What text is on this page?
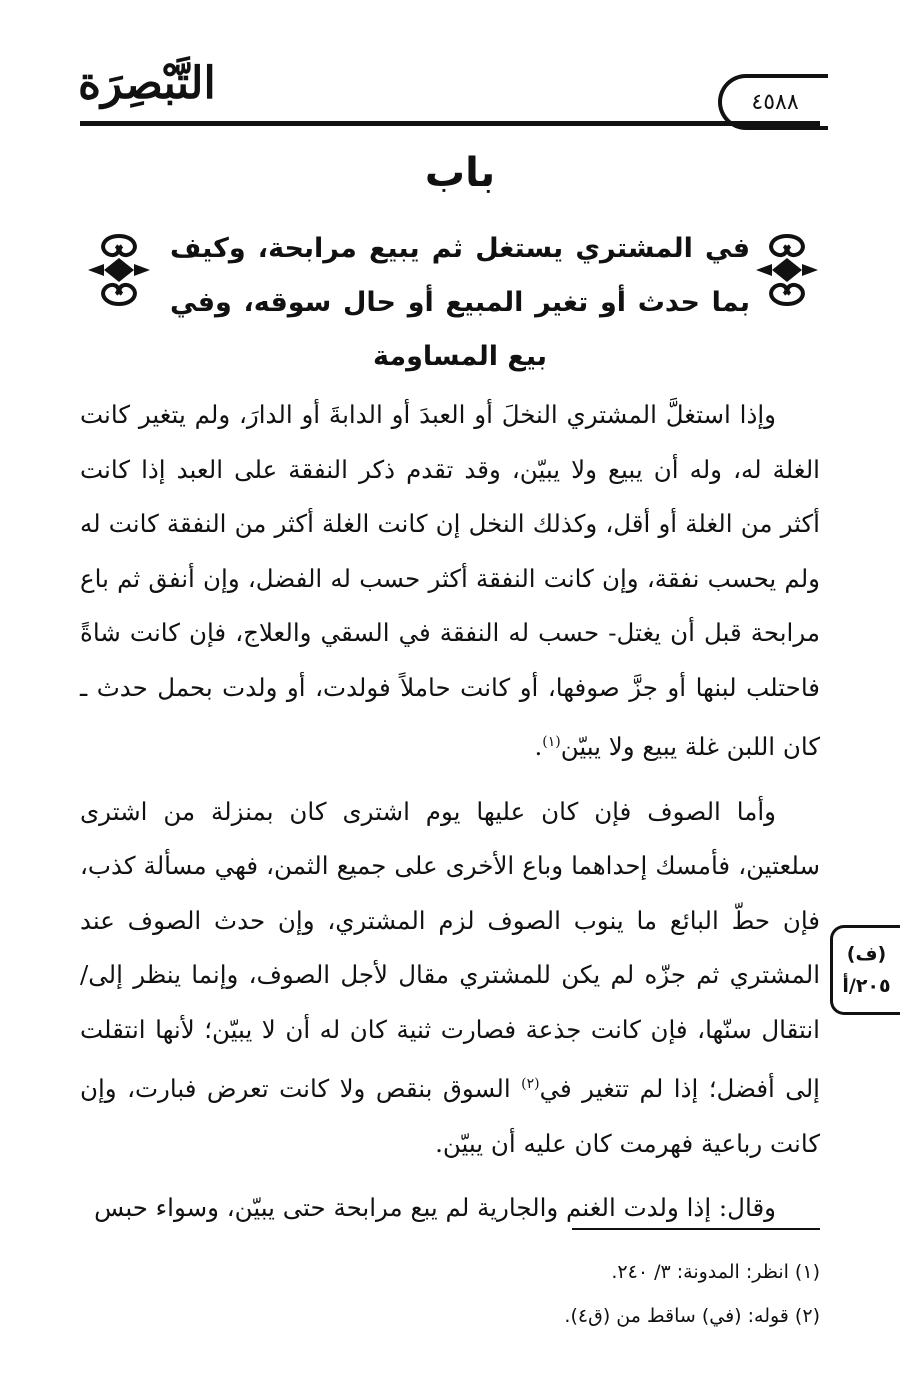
التَّبْصِرَة	٤٥٨٨
باب
في المشتري يستغل ثم يبيع مرابحة، وكيف بما حدث أو تغير المبيع أو حال سوقه، وفي بيع المساومة

وإذا استغلَّ المشتري النخلَ أو العبدَ أو الدابةَ أو الدارَ، ولم يتغير كانت الغلة له، وله أن يبيع ولا يبيّن، وقد تقدم ذكر النفقة على العبد إذا كانت أكثر من الغلة أو أقل، وكذلك النخل إن كانت الغلة أكثر من النفقة كانت له ولم يحسب نفقة، وإن كانت النفقة أكثر حسب له الفضل، وإن أنفق ثم باع مرابحة قبل أن يغتل- حسب له النفقة في السقي والعلاج، فإن كانت شاةً فاحتلب لبنها أو جزَّ صوفها، أو كانت حاملاً فولدت، أو ولدت بحمل حدث ـ كان اللبن غلة يبيع ولا يبيّن$^{(١)}$.

وأما الصوف فإن كان عليها يوم اشترى كان بمنزلة من اشترى سلعتين، فأمسك إحداهما وباع الأخرى على جميع الثمن، فهي مسألة كذب، فإن حطّ البائع ما ينوب الصوف لزم المشتري، وإن حدث الصوف عند المشتري ثم جزّه لم يكن للمشتري مقال لأجل الصوف، وإنما ينظر إلى/ انتقال سنّها، فإن كانت جذعة فصارت ثنية كان له أن لا يبيّن؛ لأنها انتقلت إلى أفضل؛ إذا لم تتغير في$^{(٢)}$ السوق بنقص ولا كانت تعرض فبارت، وإن كانت رباعية فهرمت كان عليه أن يبيّن.

وقال: إذا ولدت الغنم والجارية لم يبع مرابحة حتى يبيّن، وسواء حبس

(ف)
٢٠٥/أ
(١) انظر: المدونة: ٣/ ٢٤٠.
(٢) قوله: (في) ساقط من (ق٤).
